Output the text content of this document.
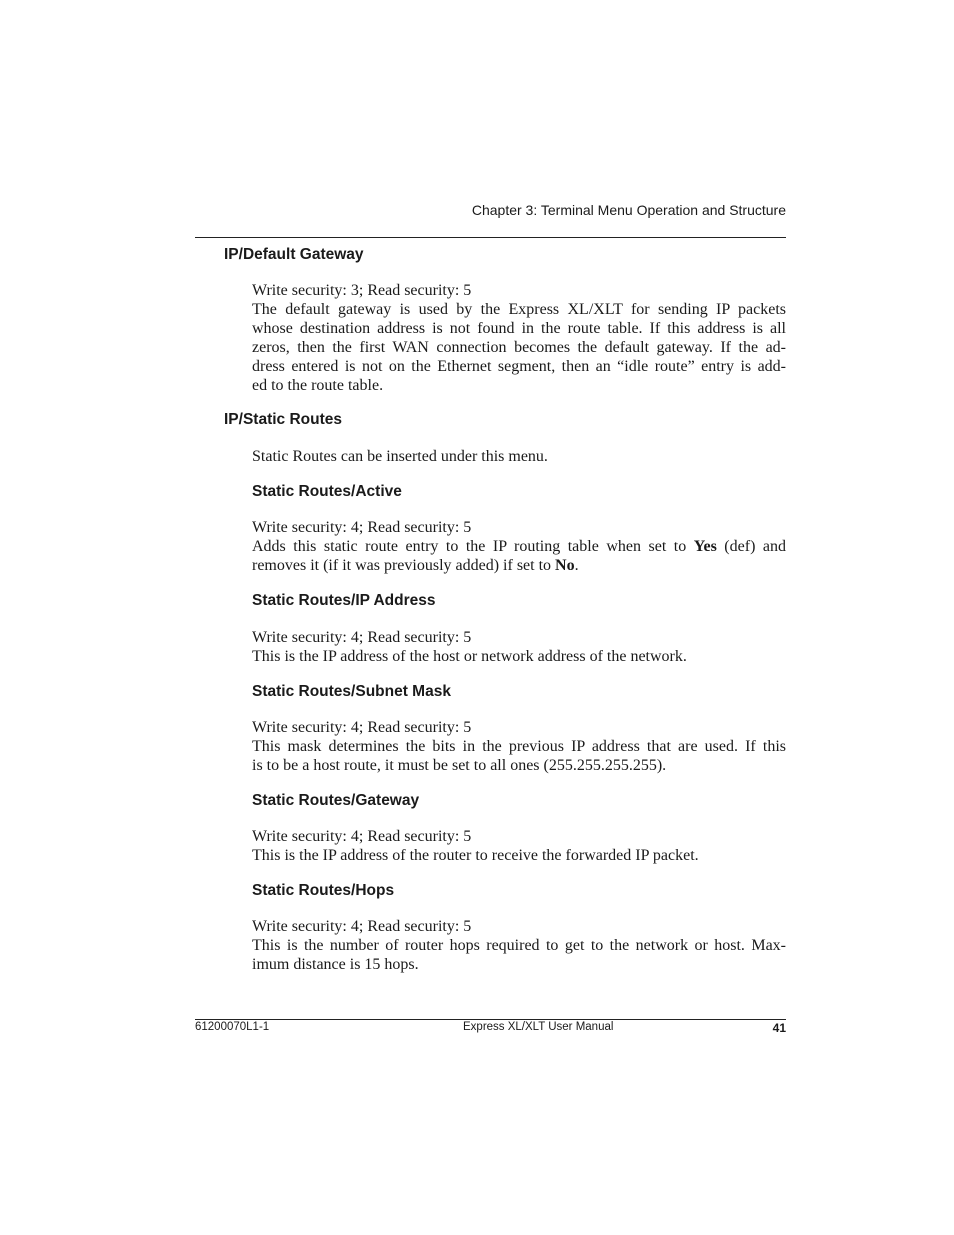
Chapter 3: Terminal Menu Operation and Structure
IP/Default Gateway
Write security: 3; Read security: 5
The default gateway is used by the Express XL/XLT for sending IP packets
whose destination address is not found in the route table. If this address is all
zeros, then the first WAN connection becomes the default gateway. If the ad-
dress entered is not on the Ethernet segment, then an “idle route” entry is add-
ed to the route table.
IP/Static Routes
Static Routes can be inserted under this menu.
Static Routes/Active
Write security: 4; Read security: 5
Adds this static route entry to the IP routing table when set to Yes (def) and
removes it (if it was previously added) if set to No.
Static Routes/IP Address
Write security: 4; Read security: 5
This is the IP address of the host or network address of the network.
Static Routes/Subnet Mask
Write security: 4; Read security: 5
This mask determines the bits in the previous IP address that are used. If this
is to be a host route, it must be set to all ones (255.255.255.255).
Static Routes/Gateway
Write security: 4; Read security: 5
This is the IP address of the router to receive the forwarded IP packet.
Static Routes/Hops
Write security: 4; Read security: 5
This is the number of router hops required to get to the network or host. Max-
imum distance is 15 hops.
61200070L1-1	Express XL/XLT User Manual	41
